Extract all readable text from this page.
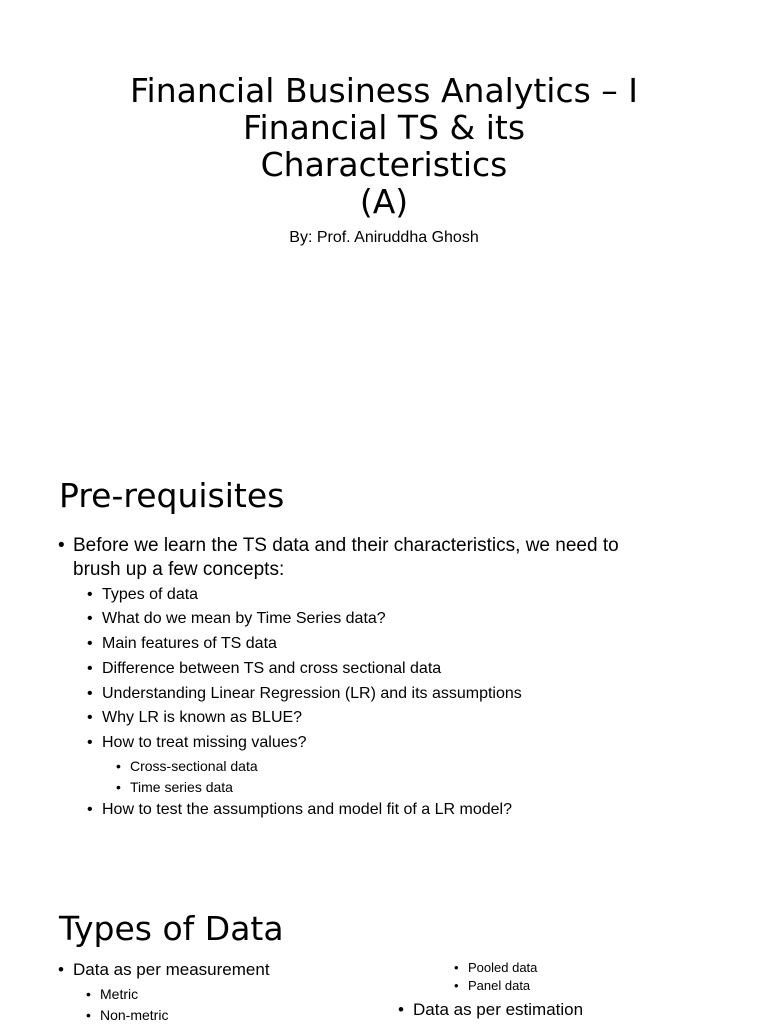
Financial Business Analytics – I
Financial TS & its
Characteristics
(A)
By: Prof. Aniruddha Ghosh
Pre-requisites
• Before we learn the TS data and their characteristics, we need to
brush up a few concepts:
• Types of data
• What do we mean by Time Series data?
• Main features of TS data
• Difference between TS and cross sectional data
• Understanding Linear Regression (LR) and its assumptions
• Why LR is known as BLUE?
• How to treat missing values?
• Cross-sectional data
• Time series data
• How to test the assumptions and model fit of a LR model?
Types of Data
• Data as per measurement
• Metric
• Non-metric
• Pooled data
• Panel data
• Data as per estimation
